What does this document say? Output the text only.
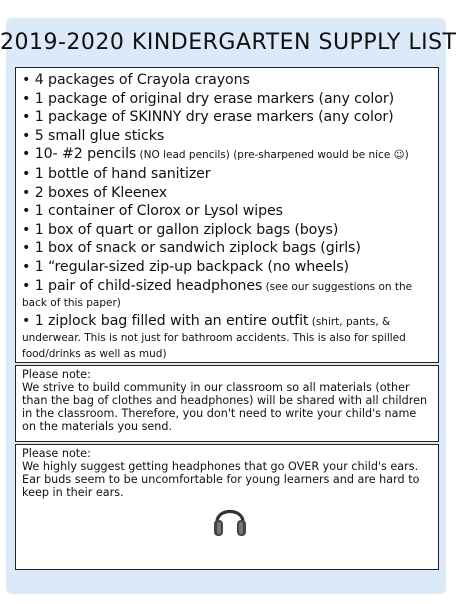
2019-2020 KINDERGARTEN SUPPLY LIST
• 4 packages of Crayola crayons
• 1 package of original dry erase markers (any color)
• 1 package of SKINNY dry erase markers (any color)
• 5 small glue sticks
• 10- #2 pencils (NO lead pencils) (pre-sharpened would be nice ☺)
• 1 bottle of hand sanitizer
• 2 boxes of Kleenex
• 1 container of Clorox or Lysol wipes
• 1 box of quart or gallon ziplock bags (boys)
• 1 box of snack or sandwich ziplock bags (girls)
• 1 “regular-sized zip-up backpack (no wheels)
• 1 pair of child-sized headphones (see our suggestions on the back of this paper)
• 1 ziplock bag filled with an entire outfit (shirt, pants, & underwear. This is not just for bathroom accidents. This is also for spilled food/drinks as well as mud)
Please note:
We strive to build community in our classroom so all materials (other than the bag of clothes and headphones) will be shared with all children in the classroom. Therefore, you don't need to write your child's name on the materials you send.
Please note:
We highly suggest getting headphones that go OVER your child's ears. Ear buds seem to be uncomfortable for young learners and are hard to keep in their ears.
